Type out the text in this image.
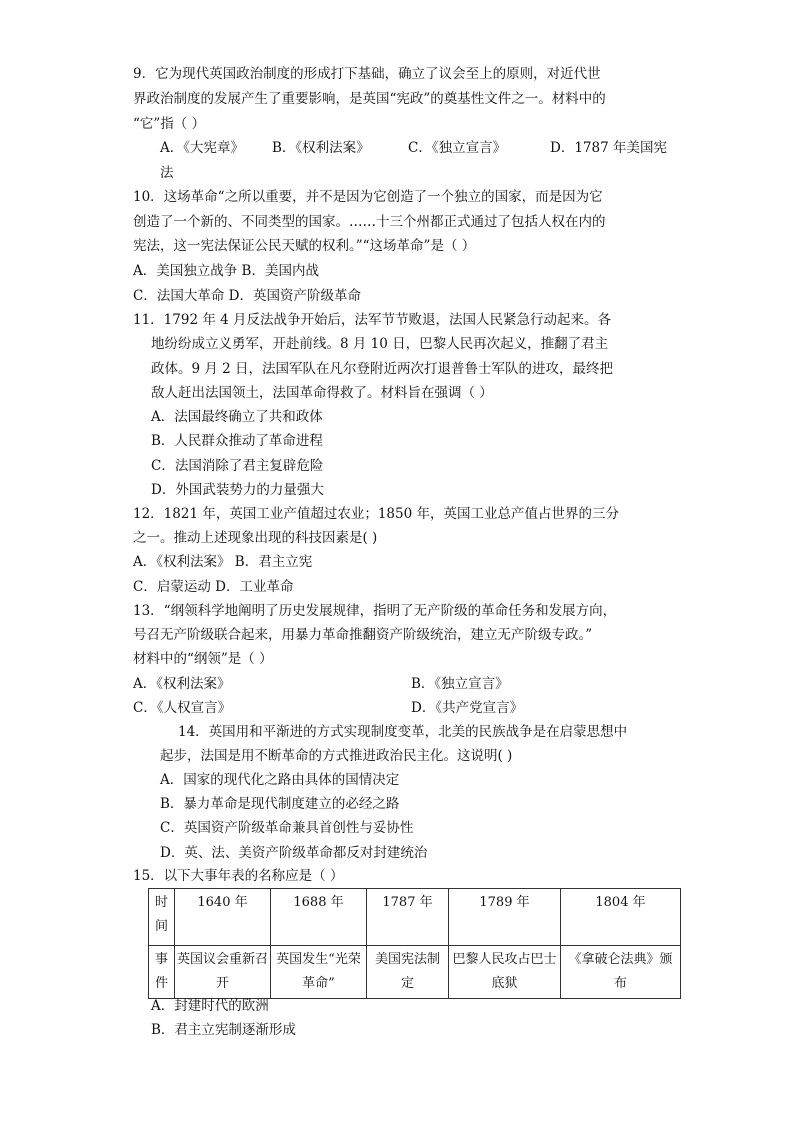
9．它为现代英国政治制度的形成打下基础，确立了议会至上的原则，对近代世
界政治制度的发展产生了重要影响，是英国“宪政”的奠基性文件之一。材料中的
“它”指（ ）
A．《大宪章》 B．《权利法案》	C．《独立宣言》	D．1787 年美国宪
法
10．这场革命“之所以重要，并不是因为它创造了一个独立的国家，而是因为它
创造了一个新的、不同类型的国家。……十三个州都正式通过了包括人权在内的
宪法，这一宪法保证公民天赋的权利。”“这场革命”是（ ）
A．美国独立战争 B．美国内战
C．法国大革命 D．英国资产阶级革命
11．1792 年 4 月反法战争开始后，法军节节败退，法国人民紧急行动起来。各
地纷纷成立义勇军，开赴前线。8 月 10 日，巴黎人民再次起义，推翻了君主
政体。9 月 2 日，法国军队在凡尔登附近两次打退普鲁士军队的进攻，最终把
敌人赶出法国领土，法国革命得救了。材料旨在强调（ ）
A．法国最终确立了共和政体
B．人民群众推动了革命进程
C．法国消除了君主复辟危险
D．外国武装势力的力量强大
12．1821 年，英国工业产值超过农业；1850 年，英国工业总产值占世界的三分
之一。推动上述现象出现的科技因素是( )
A．《权利法案》 B．君主立宪
C．启蒙运动 D．工业革命
13．“纲领科学地阐明了历史发展规律，指明了无产阶级的革命任务和发展方向，
号召无产阶级联合起来，用暴力革命推翻资产阶级统治，建立无产阶级专政。”
材料中的“纲领”是（ ）
A．《权利法案》	B．《独立宣言》
C．《人权宣言》	D．《共产党宣言》
14．英国用和平渐进的方式实现制度变革，北美的民族战争是在启蒙思想中
起步，法国是用不断革命的方式推进政治民主化。这说明( )
A．国家的现代化之路由具体的国情决定
B．暴力革命是现代制度建立的必经之路
C．英国资产阶级革命兼具首创性与妥协性
D．英、法、美资产阶级革命都反对封建统治
15．以下大事年表的名称应是（ ）
时间	1640 年	1688 年	1787 年	1789 年	1804 年
事件	英国议会重新召开	英国发生“光荣革命”	美国宪法制定	巴黎人民攻占巴士底狱	《拿破仑法典》颁布
A．封建时代的欧洲
B．君主立宪制逐渐形成
